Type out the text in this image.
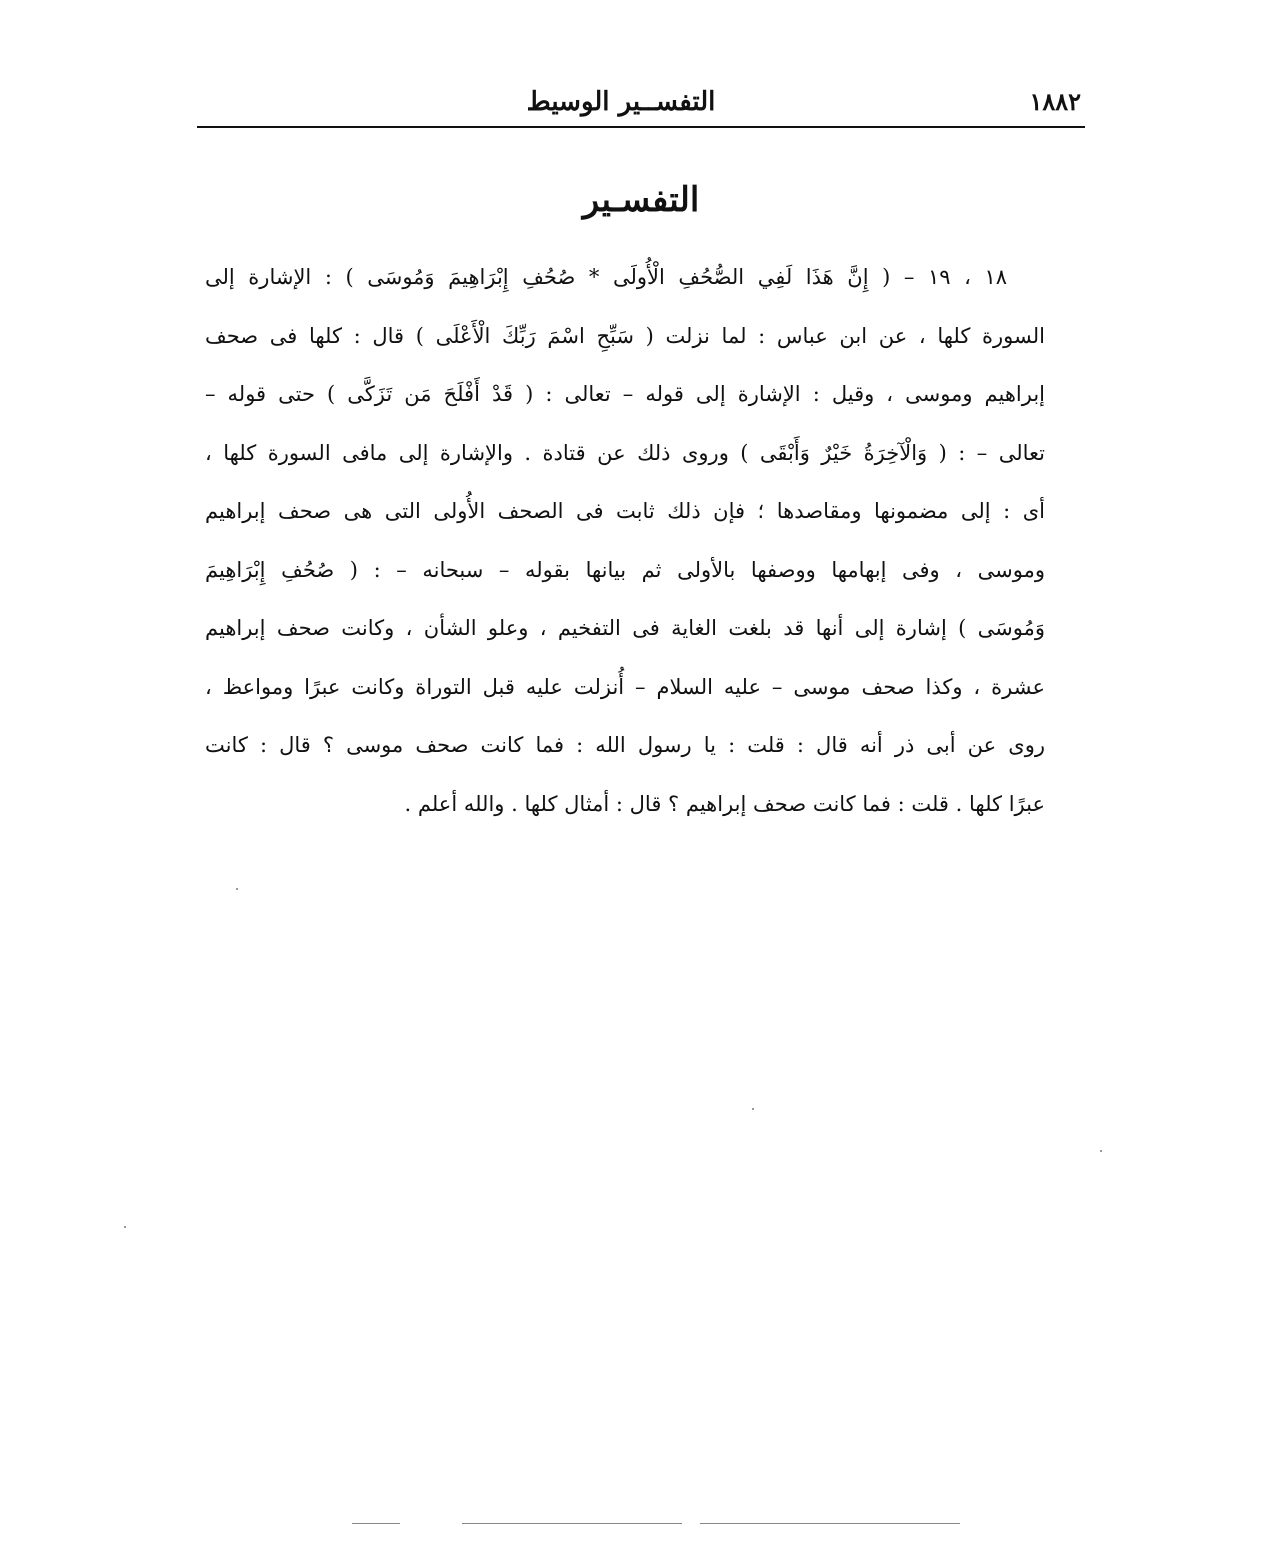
١٨٨٢
التفســير الوسيط
التفسـير
١٨ ، ١٩ – ( إِنَّ هَذَا لَفِي الصُّحُفِ الْأُولَى * صُحُفِ إِبْرَاهِيمَ وَمُوسَى ) : الإشارة إلى
السورة كلها ، عن ابن عباس : لما نزلت ( سَبِّحِ اسْمَ رَبِّكَ الْأَعْلَى ) قال : كلها فى صحف
إبراهيم وموسى ، وقيل : الإشارة إلى قوله – تعالى : ( قَدْ أَفْلَحَ مَن تَزَكَّى ) حتى قوله –
تعالى – : ( وَالْآخِرَةُ خَيْرٌ وَأَبْقَى ) وروى ذلك عن قتادة . والإشارة إلى مافى السورة كلها ،
أى : إلى مضمونها ومقاصدها ؛ فإن ذلك ثابت فى الصحف الأُولى التى هى صحف إبراهيم
وموسى ، وفى إبهامها ووصفها بالأولى ثم بيانها بقوله – سبحانه – : ( صُحُفِ إِبْرَاهِيمَ
وَمُوسَى ) إشارة إلى أنها قد بلغت الغاية فى التفخيم ، وعلو الشأن ، وكانت صحف إبراهيم
عشرة ، وكذا صحف موسى – عليه السلام – أُنزلت عليه قبل التوراة وكانت عبرًا ومواعظ ،
روى عن أبى ذر أنه قال : قلت : يا رسول الله : فما كانت صحف موسى ؟ قال : كانت
عبرًا كلها . قلت : فما كانت صحف إبراهيم ؟ قال : أمثال كلها . والله أعلم .
